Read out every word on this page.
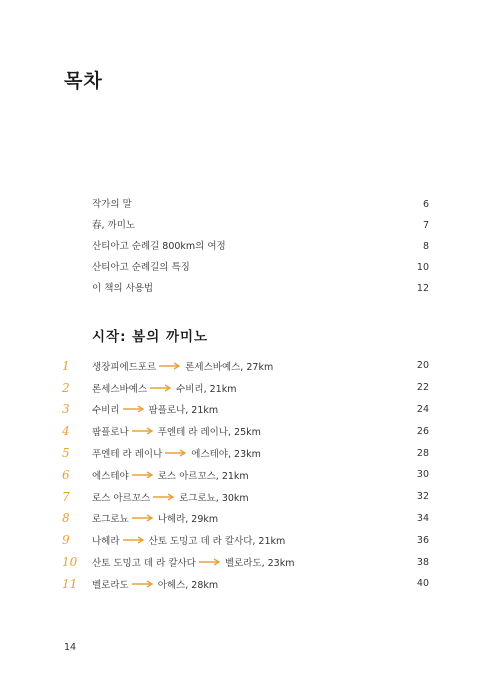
목차
작가의 말	6
春, 까미노	7
산티아고 순례길 800km의 여정	8
산티아고 순례길의 특징	10
이 책의 사용법	12
시작: 봄의 까미노
1	생장피에드포르	론세스바예스, 27km	20
2	론세스바예스	수비리, 21km	22
3	수비리	팜플로나, 21km	24
4	팜플로나	푸엔테 라 레이나, 25km	26
5	푸엔테 라 레이나	에스테야, 23km	28
6	에스테야	로스 아르꼬스, 21km	30
7	로스 아르꼬스	로그로뇨, 30km	32
8	로그로뇨	나헤라, 29km	34
9	나헤라	산토 도밍고 데 라 칼사다, 21km	36
10	산토 도밍고 데 라 칼사다	벨로라도, 23km	38
11	벨로라도	아헤스, 28km	40
14
